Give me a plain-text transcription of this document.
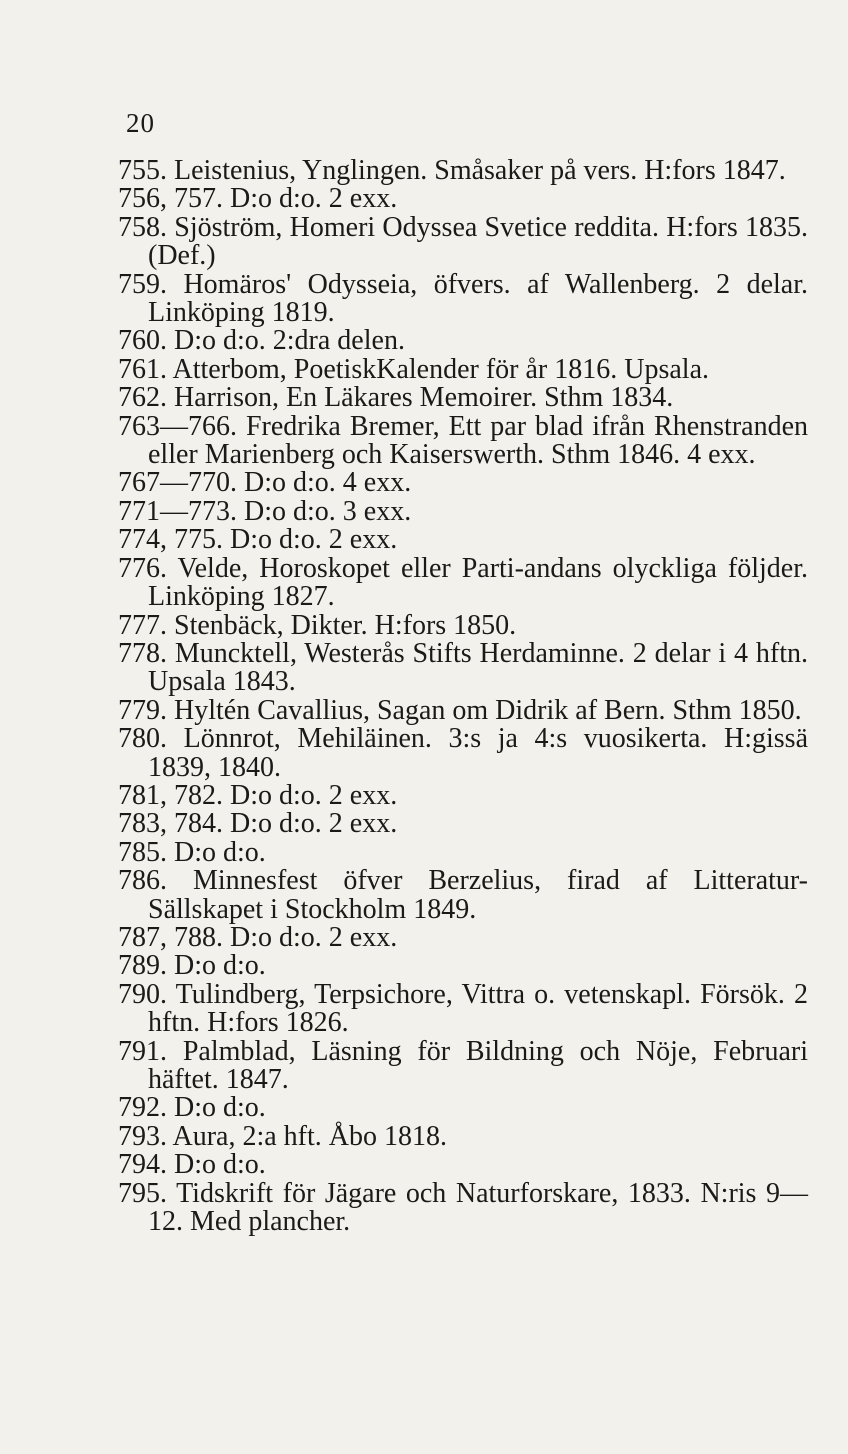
20

755. Leistenius, Ynglingen. Småsaker på vers. H:fors 1847.

756, 757. D:o d:o. 2 exx.

758. Sjöström, Homeri Odyssea Svetice reddita. H:fors 1835. (Def.)

759. Homäros' Odysseia, öfvers. af Wallenberg. 2 delar. Linköping 1819.

760. D:o d:o. 2:dra delen.

761. Atterbom, PoetiskKalender för år 1816. Upsala.

762. Harrison, En Läkares Memoirer. Sthm 1834.

763—766. Fredrika Bremer, Ett par blad ifrån Rhenstranden eller Marienberg och Kaiserswerth. Sthm 1846. 4 exx.

767—770. D:o d:o. 4 exx.

771—773. D:o d:o. 3 exx.

774, 775. D:o d:o. 2 exx.

776. Velde, Horoskopet eller Parti-andans olyckliga följder. Linköping 1827.

777. Stenbäck, Dikter. H:fors 1850.

778. Muncktell, Westerås Stifts Herdaminne. 2 delar i 4 hftn. Upsala 1843.

779. Hyltén Cavallius, Sagan om Didrik af Bern. Sthm 1850.

780. Lönnrot, Mehiläinen. 3:s ja 4:s vuosikerta. H:gissä 1839, 1840.

781, 782. D:o d:o. 2 exx.

783, 784. D:o d:o. 2 exx.

785. D:o d:o.

786. Minnesfest öfver Berzelius, firad af Litteratur-Sällskapet i Stockholm 1849.

787, 788. D:o d:o. 2 exx.

789. D:o d:o.

790. Tulindberg, Terpsichore, Vittra o. vetenskapl. Försök. 2 hftn. H:fors 1826.

791. Palmblad, Läsning för Bildning och Nöje, Februari häftet. 1847.

792. D:o d:o.

793. Aura, 2:a hft. Åbo 1818.

794. D:o d:o.

795. Tidskrift för Jägare och Naturforskare, 1833. N:ris 9—12. Med plancher.
